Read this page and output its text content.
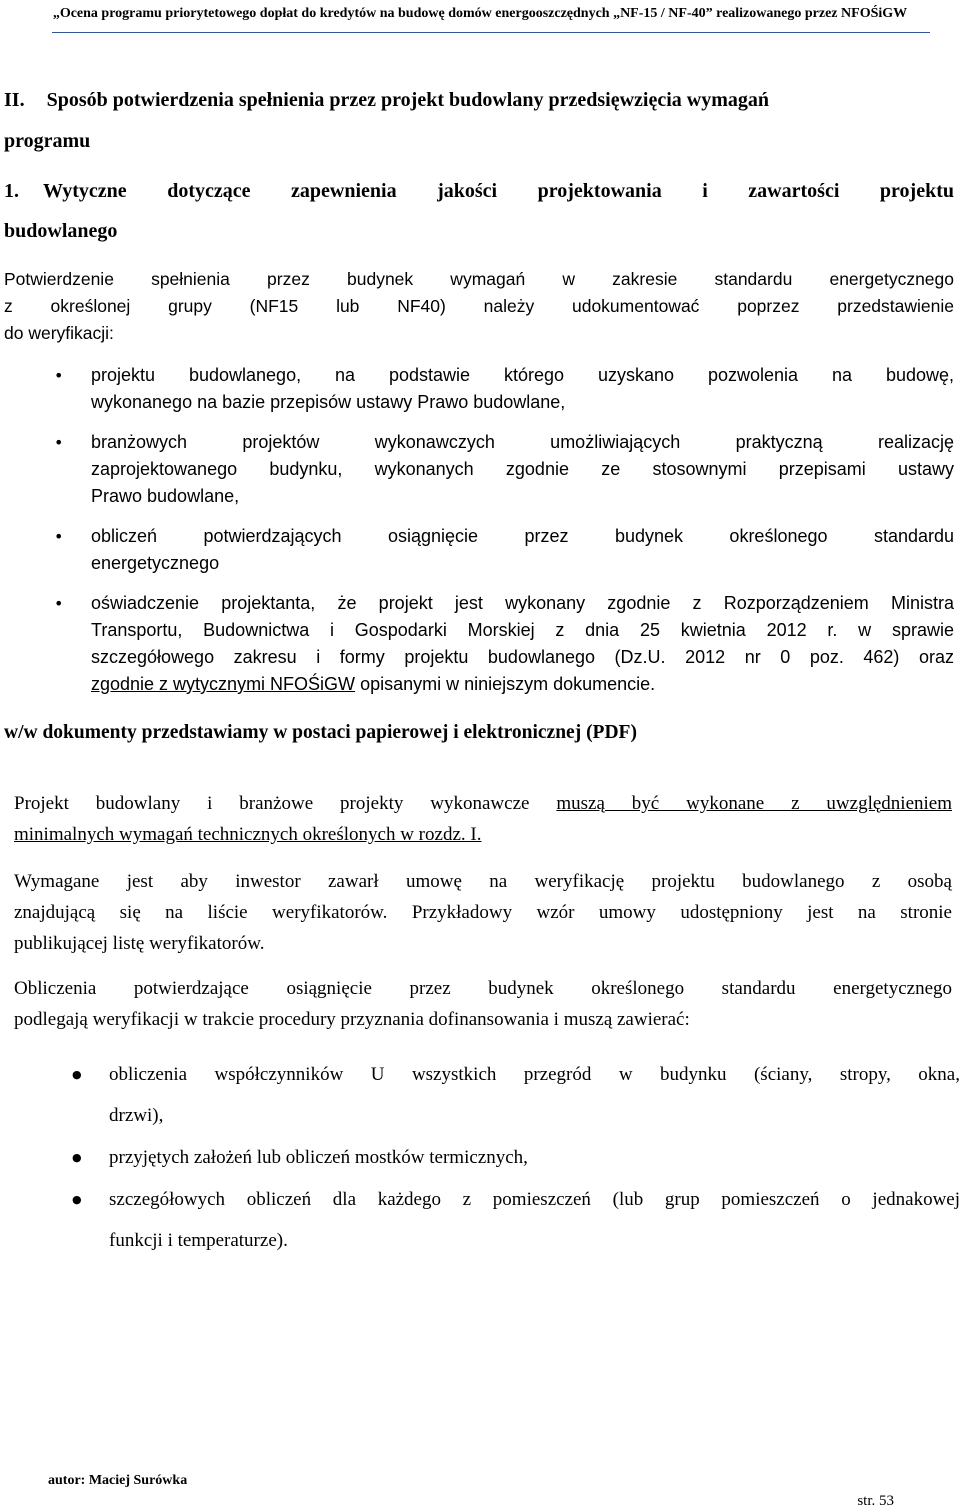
„Ocena programu priorytetowego dopłat do kredytów na budowę domów energooszczędnych „NF-15 / NF-40” realizowanego przez NFOŚiGW
II. Sposób potwierdzenia spełnienia przez projekt budowlany przedsięwzięcia wymagań
programu
1. Wytyczne dotyczące zapewnienia jakości projektowania i zawartości projektu
budowlanego
Potwierdzenie spełnienia przez budynek wymagań w zakresie standardu energetycznego
z określonej grupy (NF15 lub NF40) należy udokumentować poprzez przedstawienie
do weryfikacji:
• projektu budowlanego, na podstawie którego uzyskano pozwolenia na budowę,
wykonanego na bazie przepisów ustawy Prawo budowlane,
• branżowych projektów wykonawczych umożliwiających praktyczną realizację
zaprojektowanego budynku, wykonanych zgodnie ze stosownymi przepisami ustawy
Prawo budowlane,
• obliczeń potwierdzających osiągnięcie przez budynek określonego standardu
energetycznego
• oświadczenie projektanta, że projekt jest wykonany zgodnie z Rozporządzeniem Ministra
Transportu, Budownictwa i Gospodarki Morskiej z dnia 25 kwietnia 2012 r. w sprawie
szczegółowego zakresu i formy projektu budowlanego (Dz.U. 2012 nr 0 poz. 462) oraz
zgodnie z wytycznymi NFOŚiGW opisanymi w niniejszym dokumencie.
w/w dokumenty przedstawiamy w postaci papierowej i elektronicznej (PDF)
Projekt budowlany i branżowe projekty wykonawcze muszą być wykonane z uwzględnieniem
minimalnych wymagań technicznych określonych w rozdz. I.
Wymagane jest aby inwestor zawarł umowę na weryfikację projektu budowlanego z osobą
znajdującą się na liście weryfikatorów. Przykładowy wzór umowy udostępniony jest na stronie
publikującej listę weryfikatorów.
Obliczenia potwierdzające osiągnięcie przez budynek określonego standardu energetycznego
podlegają weryfikacji w trakcie procedury przyznania dofinansowania i muszą zawierać:
● obliczenia współczynników U wszystkich przegród w budynku (ściany, stropy, okna,
drzwi),
● przyjętych założeń lub obliczeń mostków termicznych,
● szczegółowych obliczeń dla każdego z pomieszczeń (lub grup pomieszczeń o jednakowej
funkcji i temperaturze).
autor: Maciej Surówka
str. 53
